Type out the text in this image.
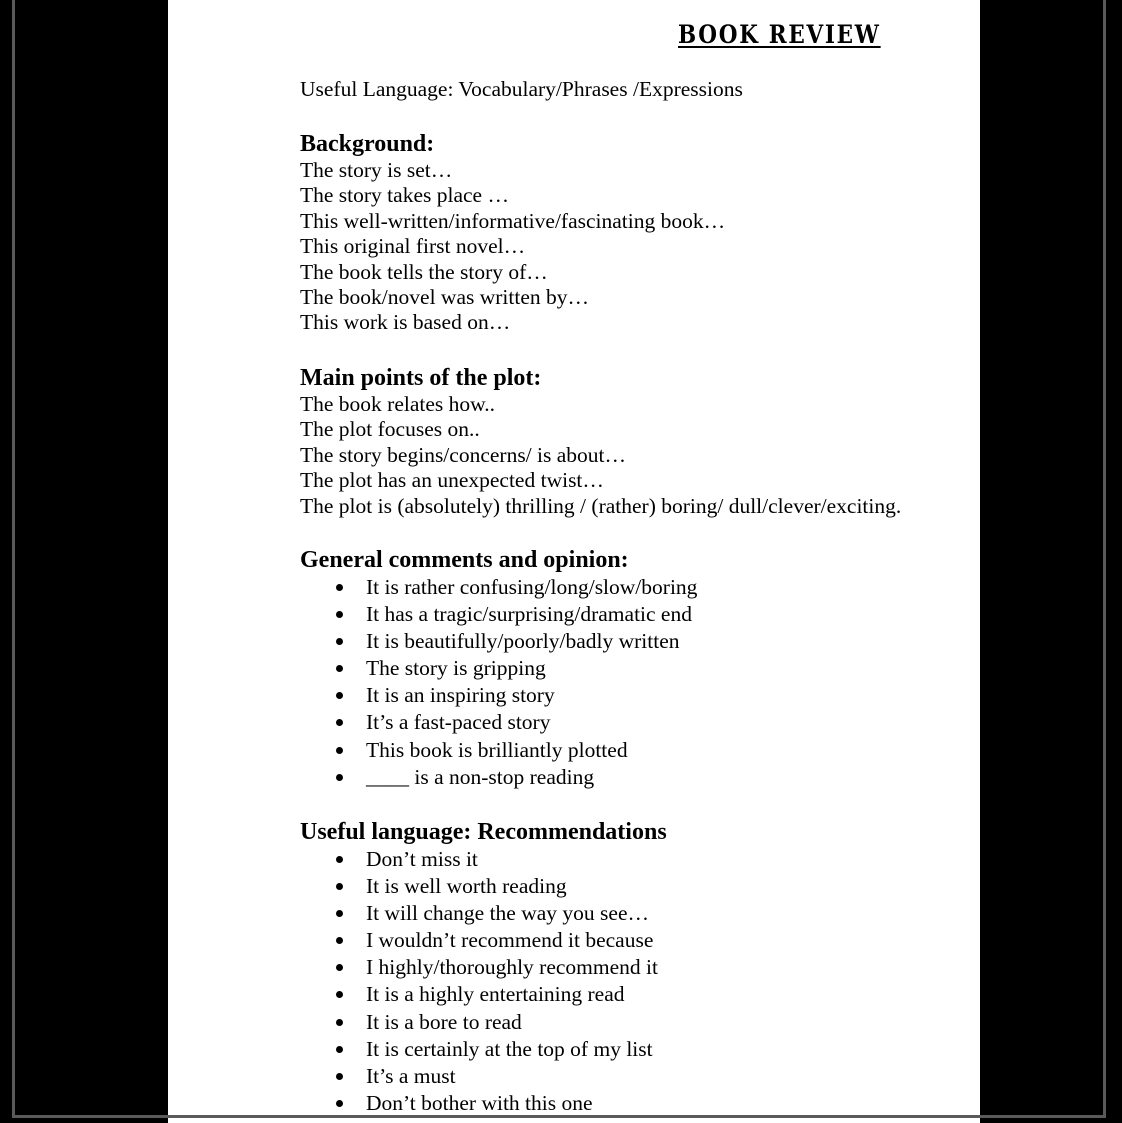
BOOK REVIEW
Useful Language: Vocabulary/Phrases /Expressions
Background:
The story is set…
The story takes place …
This well-written/informative/fascinating book…
This original first novel…
The book tells the story of…
The book/novel was written by…
This work is based on…
Main points of the plot:
The book relates how..
The plot focuses on..
The story begins/concerns/ is about…
The plot has an unexpected twist…
The plot is (absolutely) thrilling / (rather) boring/ dull/clever/exciting.
General comments and opinion:
It is rather confusing/long/slow/boring
It has a tragic/surprising/dramatic end
It is beautifully/poorly/badly written
The story is gripping
It is an inspiring story
It’s a fast-paced story
This book is brilliantly plotted
____ is a non-stop reading
Useful language: Recommendations
Don’t miss it
It is well worth reading
It will change the way you see…
I wouldn’t recommend it because
I highly/thoroughly recommend it
It is a highly entertaining read
It is a bore to read
It is certainly at the top of my list
It’s a must
Don’t bother with this one
